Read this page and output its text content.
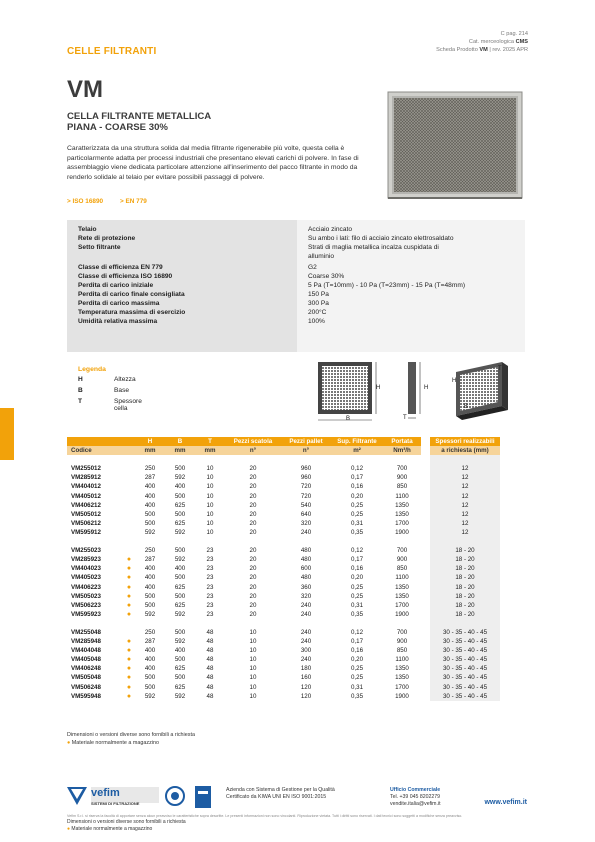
C pag. 214
Cat. merceologica CMS
Scheda Prodotto VM | rev. 2025 APR
CELLE FILTRANTI
VM
CELLA FILTRANTE METALLICA
PIANA - COARSE 30%
Caratterizzata da una struttura solida dal media filtrante rigenerabile più volte, questa cella è particolarmente adatta per processi industriali che presentano elevati carichi di polvere. In fase di assemblaggio viene dedicata particolare attenzione all'inserimento del pacco filtrante in modo da renderlo solidale al telaio per evitare possibili passaggi di polvere.
> ISO 16890	> EN 779
Telaio	Acciaio zincato
Rete di protezione	Su ambo i lati: filo di acciaio zincato elettrosaldato
Setto filtrante	Strati di maglia metallica incalza cuspidata di
alluminio
Classe di efficienza EN 779	G2
Classe di efficienza ISO 16890	Coarse 30%
Perdita di carico iniziale	5 Pa (T=10mm) - 10 Pa (T=23mm) - 15 Pa (T=48mm)
Perdita di carico finale consigliata	150 Pa
Perdita di carico massima	300 Pa
Temperatura massima di esercizio	200°C
Umidità relativa massima	100%
Legenda
H	Altezza
B	Base
T	Spessore cella
H
B
H
T
H
B
T
		H	B	T	Pezzi scatola	Pezzi pallet	Sup. Filtrante	Portata		Spessori realizzabili
Codice		mm	mm	mm	n°	n°	m²	Nm³/h		a richiesta (mm)

VM255012		250	500	10	20	960	0,12	700		12
VM285912		287	592	10	20	960	0,17	900		12
VM404012		400	400	10	20	720	0,16	850		12
VM405012		400	500	10	20	720	0,20	1100		12
VM406212		400	625	10	20	540	0,25	1350		12
VM505012		500	500	10	20	640	0,25	1350		12
VM506212		500	625	10	20	320	0,31	1700		12
VM595912		592	592	10	20	240	0,35	1900		12

VM255023		250	500	23	20	480	0,12	700		18 - 20
VM285923	●	287	592	23	20	480	0,17	900		18 - 20
VM404023	●	400	400	23	20	600	0,16	850		18 - 20
VM405023	●	400	500	23	20	480	0,20	1100		18 - 20
VM406223	●	400	625	23	20	360	0,25	1350		18 - 20
VM505023	●	500	500	23	20	320	0,25	1350		18 - 20
VM506223	●	500	625	23	20	240	0,31	1700		18 - 20
VM595923	●	592	592	23	20	240	0,35	1900		18 - 20

VM255048		250	500	48	10	240	0,12	700		30 - 35 - 40 - 45
VM285948	●	287	592	48	10	240	0,17	900		30 - 35 - 40 - 45
VM404048	●	400	400	48	10	300	0,16	850		30 - 35 - 40 - 45
VM405048	●	400	500	48	10	240	0,20	1100		30 - 35 - 40 - 45
VM406248	●	400	625	48	10	180	0,25	1350		30 - 35 - 40 - 45
VM505048	●	500	500	48	10	160	0,25	1350		30 - 35 - 40 - 45
VM506248	●	500	625	48	10	120	0,31	1700		30 - 35 - 40 - 45
VM595948	●	592	592	48	10	120	0,35	1900		30 - 35 - 40 - 45
Dimensioni o versioni diverse sono fornibili a richiesta
● Materiale normalmente a magazzino
vefim
SISTEMI DI FILTRAZIONE
Azienda con Sistema di Gestione per la Qualità
Certificato da KIWA UNI EN ISO 9001:2015
Ufficio Commerciale
Tel. +39 045 8202279
vendite.italia@vefim.it	www.vefim.it
Vefim S.r.l. si riserva la facoltà di apportare senza alcun preavviso le caratteristiche sopra descritte. Le presenti informazioni non sono vincolanti. Riproduzione vietata. Tutti i diritti sono riservati. I dati tecnici sono soggetti a modifiche senza preavviso.
Dimensioni o versioni diverse sono fornibili a richiesta
● Materiale normalmente a magazzino
